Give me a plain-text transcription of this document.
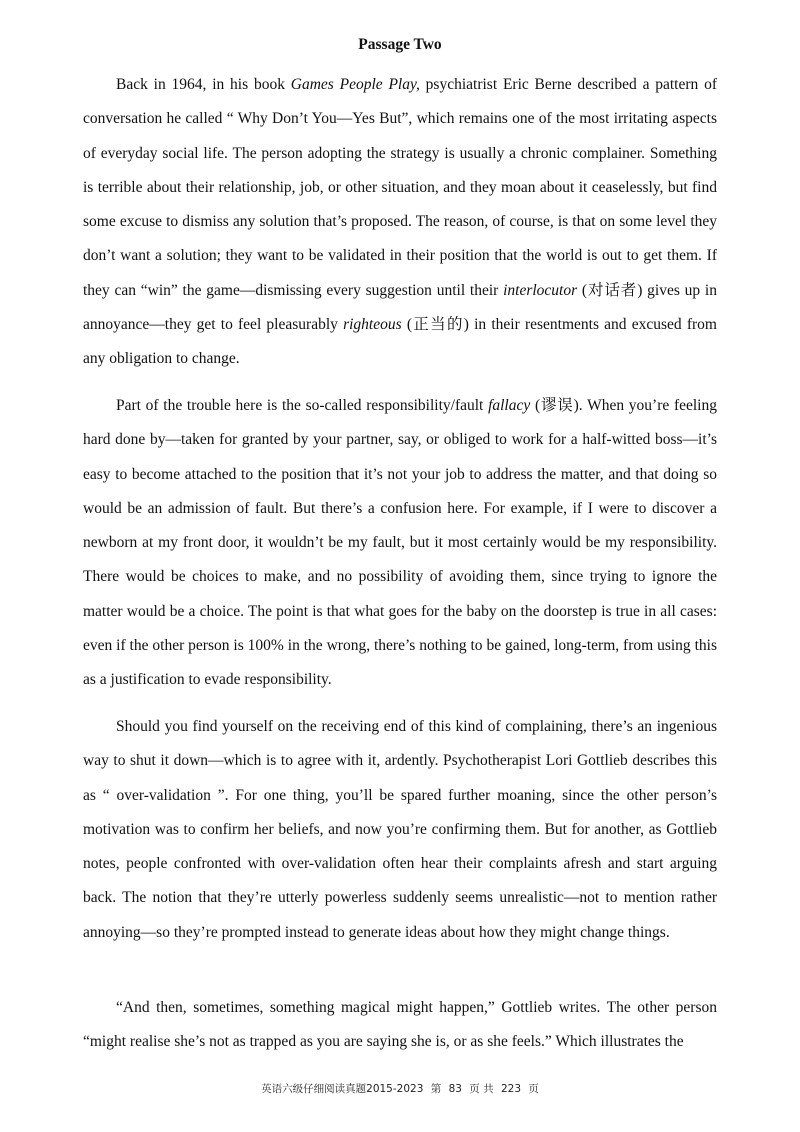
Passage Two

Back in 1964, in his book Games People Play, psychiatrist Eric Berne described a pattern of conversation he called “ Why Don’t You—Yes But”, which remains one of the most irritating aspects of everyday social life. The person adopting the strategy is usually a chronic complainer. Something is terrible about their relationship, job, or other situation, and they moan about it ceaselessly, but find some excuse to dismiss any solution that’s proposed. The reason, of course, is that on some level they don’t want a solution; they want to be validated in their position that the world is out to get them. If they can “win” the game—dismissing every suggestion until their interlocutor (对话者) gives up in annoyance—they get to feel pleasurably righteous (正当的) in their resentments and excused from any obligation to change.

Part of the trouble here is the so-called responsibility/fault fallacy (谬误). When you’re feeling hard done by—taken for granted by your partner, say, or obliged to work for a half-witted boss—it’s easy to become attached to the position that it’s not your job to address the matter, and that doing so would be an admission of fault. But there’s a confusion here. For example, if I were to discover a newborn at my front door, it wouldn’t be my fault, but it most certainly would be my responsibility. There would be choices to make, and no possibility of avoiding them, since trying to ignore the matter would be a choice. The point is that what goes for the baby on the doorstep is true in all cases: even if the other person is 100% in the wrong, there’s nothing to be gained, long-term, from using this as a justification to evade responsibility.

Should you find yourself on the receiving end of this kind of complaining, there’s an ingenious way to shut it down—which is to agree with it, ardently. Psychotherapist Lori Gottlieb describes this as “ over-validation ”. For one thing, you’ll be spared further moaning, since the other person’s motivation was to confirm her beliefs, and now you’re confirming them. But for another, as Gottlieb notes, people confronted with over-validation often hear their complaints afresh and start arguing back. The notion that they’re utterly powerless suddenly seems unrealistic—not to mention rather annoying—so they’re prompted instead to generate ideas about how they might change things.

“And then, sometimes, something magical might happen,” Gottlieb writes. The other person “might realise she’s not as trapped as you are saying she is, or as she feels.” Which illustrates the

英语六级仔细阅读真题2015-2023 第 83 页 共 223 页
